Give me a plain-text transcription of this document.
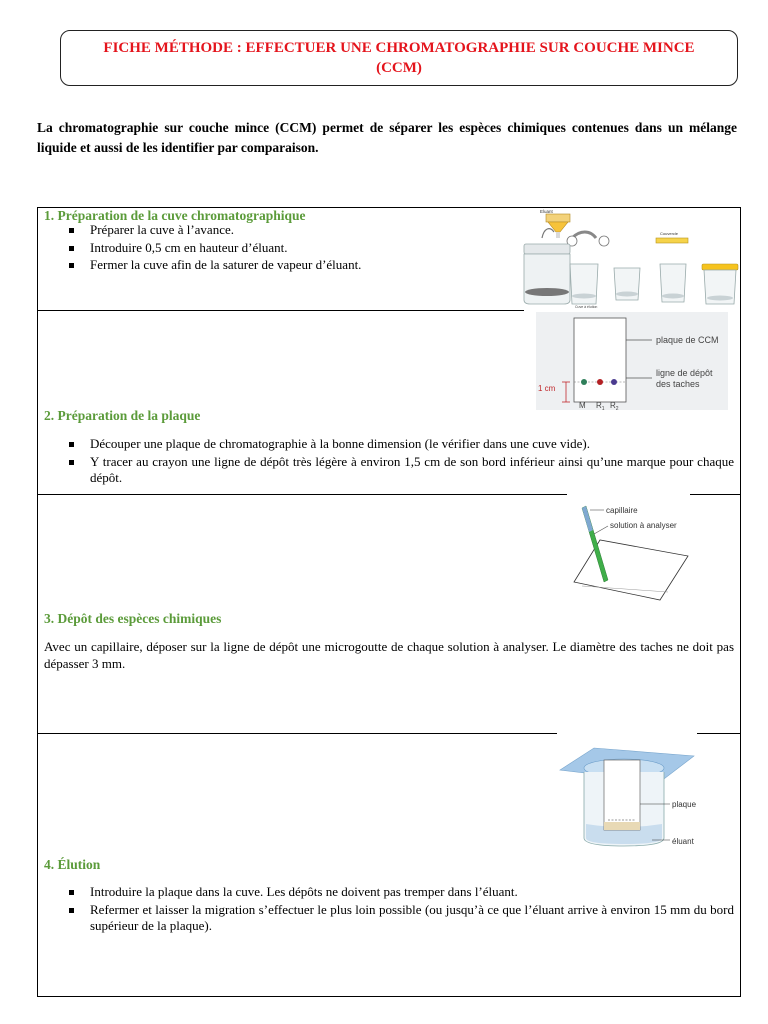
FICHE MÉTHODE : EFFECTUER UNE CHROMATOGRAPHIE SUR COUCHE MINCE (CCM)

La chromatographie sur couche mince (CCM) permet de séparer les espèces chimiques contenues dans un mélange liquide et aussi de les identifier par comparaison.

1. Préparation de la cuve chromatographique
Préparer la cuve à l’avance.
Introduire 0,5 cm en hauteur d’éluant.
Fermer la cuve afin de la saturer de vapeur d’éluant.
Eluant
Cuve à élution
Couvercle
plaque de CCM
ligne de dépôt
des taches
1 cm
M $R_1$ $R_2$
2. Préparation de la plaque
Découper une plaque de chromatographie à la bonne dimension (le vérifier dans une cuve vide).
Y tracer au crayon une ligne de dépôt très légère à environ 1,5 cm de son bord inférieur ainsi qu’une marque pour chaque dépôt.
capillaire
solution à analyser
3. Dépôt des espèces chimiques

Avec un capillaire, déposer sur la ligne de dépôt une microgoutte de chaque solution à analyser. Le diamètre des taches ne doit pas dépasser 3 mm.

plaque
éluant
4. Élution
Introduire la plaque dans la cuve. Les dépôts ne doivent pas tremper dans l’éluant.
Refermer et laisser la migration s’effectuer le plus loin possible (ou jusqu’à ce que l’éluant arrive à environ 15 mm du bord supérieur de la plaque).
